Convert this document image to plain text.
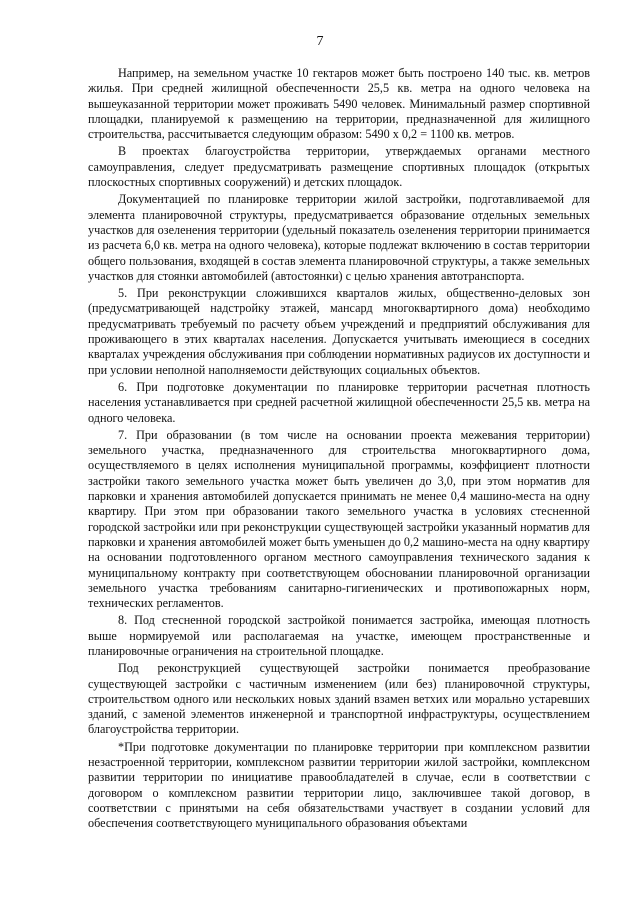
7

Например, на земельном участке 10 гектаров может быть построено 140 тыс. кв. метров жилья. При средней жилищной обеспеченности 25,5 кв. метра на одного человека на вышеуказанной территории может проживать 5490 человек. Минимальный размер спортивной площадки, планируемой к размещению на территории, предназначенной для жилищного строительства, рассчитывается следующим образом: 5490 х 0,2 = 1100 кв. метров.

В проектах благоустройства территории, утверждаемых органами местного самоуправления, следует предусматривать размещение спортивных площадок (открытых плоскостных спортивных сооружений) и детских площадок.

Документацией по планировке территории жилой застройки, подготавливаемой для элемента планировочной структуры, предусматривается образование отдельных земельных участков для озеленения территории (удельный показатель озеленения территории принимается из расчета 6,0 кв. метра на одного человека), которые подлежат включению в состав территории общего пользования, входящей в состав элемента планировочной структуры, а также земельных участков для стоянки автомобилей (автостоянки) с целью хранения автотранспорта.

5. При реконструкции сложившихся кварталов жилых, общественно-деловых зон (предусматривающей надстройку этажей, мансард многоквартирного дома) необходимо предусматривать требуемый по расчету объем учреждений и предприятий обслуживания для проживающего в этих кварталах населения. Допускается учитывать имеющиеся в соседних кварталах учреждения обслуживания при соблюдении нормативных радиусов их доступности и при условии неполной наполняемости действующих социальных объектов.

6. При подготовке документации по планировке территории расчетная плотность населения устанавливается при средней расчетной жилищной обеспеченности 25,5 кв. метра на одного человека.

7. При образовании (в том числе на основании проекта межевания территории) земельного участка, предназначенного для строительства многоквартирного дома, осуществляемого в целях исполнения муниципальной программы, коэффициент плотности застройки такого земельного участка может быть увеличен до 3,0, при этом норматив для парковки и хранения автомобилей допускается принимать не менее 0,4 машино-места на одну квартиру. При этом при образовании такого земельного участка в условиях стесненной городской застройки или при реконструкции существующей застройки указанный норматив для парковки и хранения автомобилей может быть уменьшен до 0,2 машино-места на одну квартиру на основании подготовленного органом местного самоуправления технического задания к муниципальному контракту при соответствующем обосновании планировочной организации земельного участка требованиям санитарно-гигиенических и противопожарных норм, технических регламентов.

8. Под стесненной городской застройкой понимается застройка, имеющая плотность выше нормируемой или располагаемая на участке, имеющем пространственные и планировочные ограничения на строительной площадке.

Под реконструкцией существующей застройки понимается преобразование существующей застройки с частичным изменением (или без) планировочной структуры, строительством одного или нескольких новых зданий взамен ветхих или морально устаревших зданий, с заменой элементов инженерной и транспортной инфраструктуры, осуществлением благоустройства территории.

*При подготовке документации по планировке территории при комплексном развитии незастроенной территории, комплексном развитии территории жилой застройки, комплексном развитии территории по инициативе правообладателей в случае, если в соответствии с договором о комплексном развитии территории лицо, заключившее такой договор, в соответствии с принятыми на себя обязательствами участвует в создании условий для обеспечения соответствующего муниципального образования объектами
